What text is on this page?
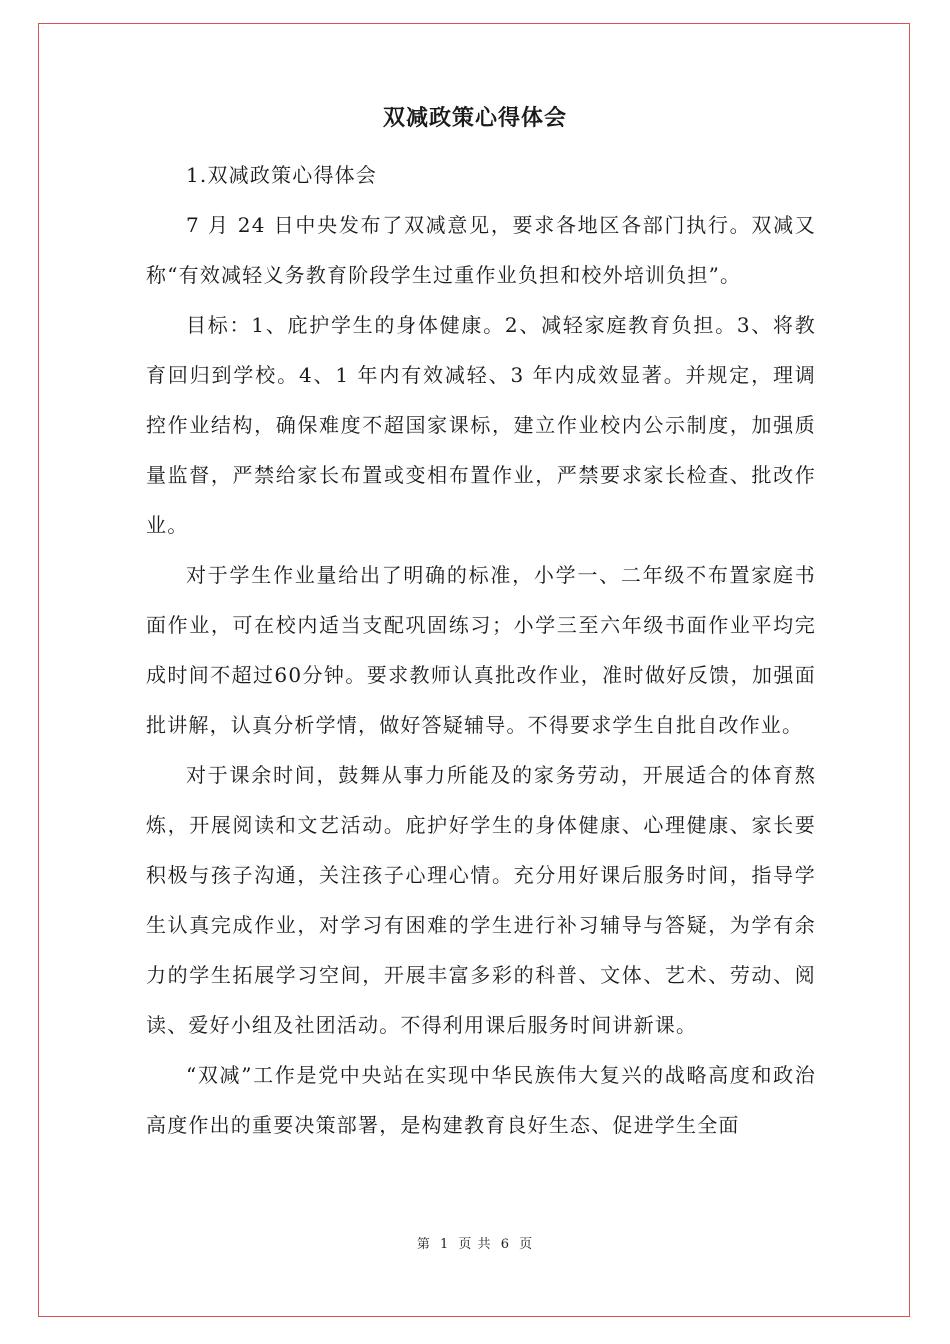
双减政策心得体会

1.双减政策心得体会

7 月 24 日中央发布了双减意见，要求各地区各部门执行。双减又称“有效减轻义务教育阶段学生过重作业负担和校外培训负担”。

目标：1、庇护学生的身体健康。2、减轻家庭教育负担。3、将教育回归到学校。4、1 年内有效减轻、3 年内成效显著。并规定，理调控作业结构，确保难度不超国家课标，建立作业校内公示制度，加强质量监督，严禁给家长布置或变相布置作业，严禁要求家长检查、批改作业。

对于学生作业量给出了明确的标准，小学一、二年级不布置家庭书面作业，可在校内适当支配巩固练习；小学三至六年级书面作业平均完成时间不超过60分钟。要求教师认真批改作业，准时做好反馈，加强面批讲解，认真分析学情，做好答疑辅导。不得要求学生自批自改作业。

对于课余时间，鼓舞从事力所能及的家务劳动，开展适合的体育熬炼，开展阅读和文艺活动。庇护好学生的身体健康、心理健康、家长要积极与孩子沟通，关注孩子心理心情。充分用好课后服务时间，指导学生认真完成作业，对学习有困难的学生进行补习辅导与答疑，为学有余力的学生拓展学习空间，开展丰富多彩的科普、文体、艺术、劳动、阅读、爱好小组及社团活动。不得利用课后服务时间讲新课。

“双减”工作是党中央站在实现中华民族伟大复兴的战略高度和政治高度作出的重要决策部署，是构建教育良好生态、促进学生全面

第 1 页 共 6 页
